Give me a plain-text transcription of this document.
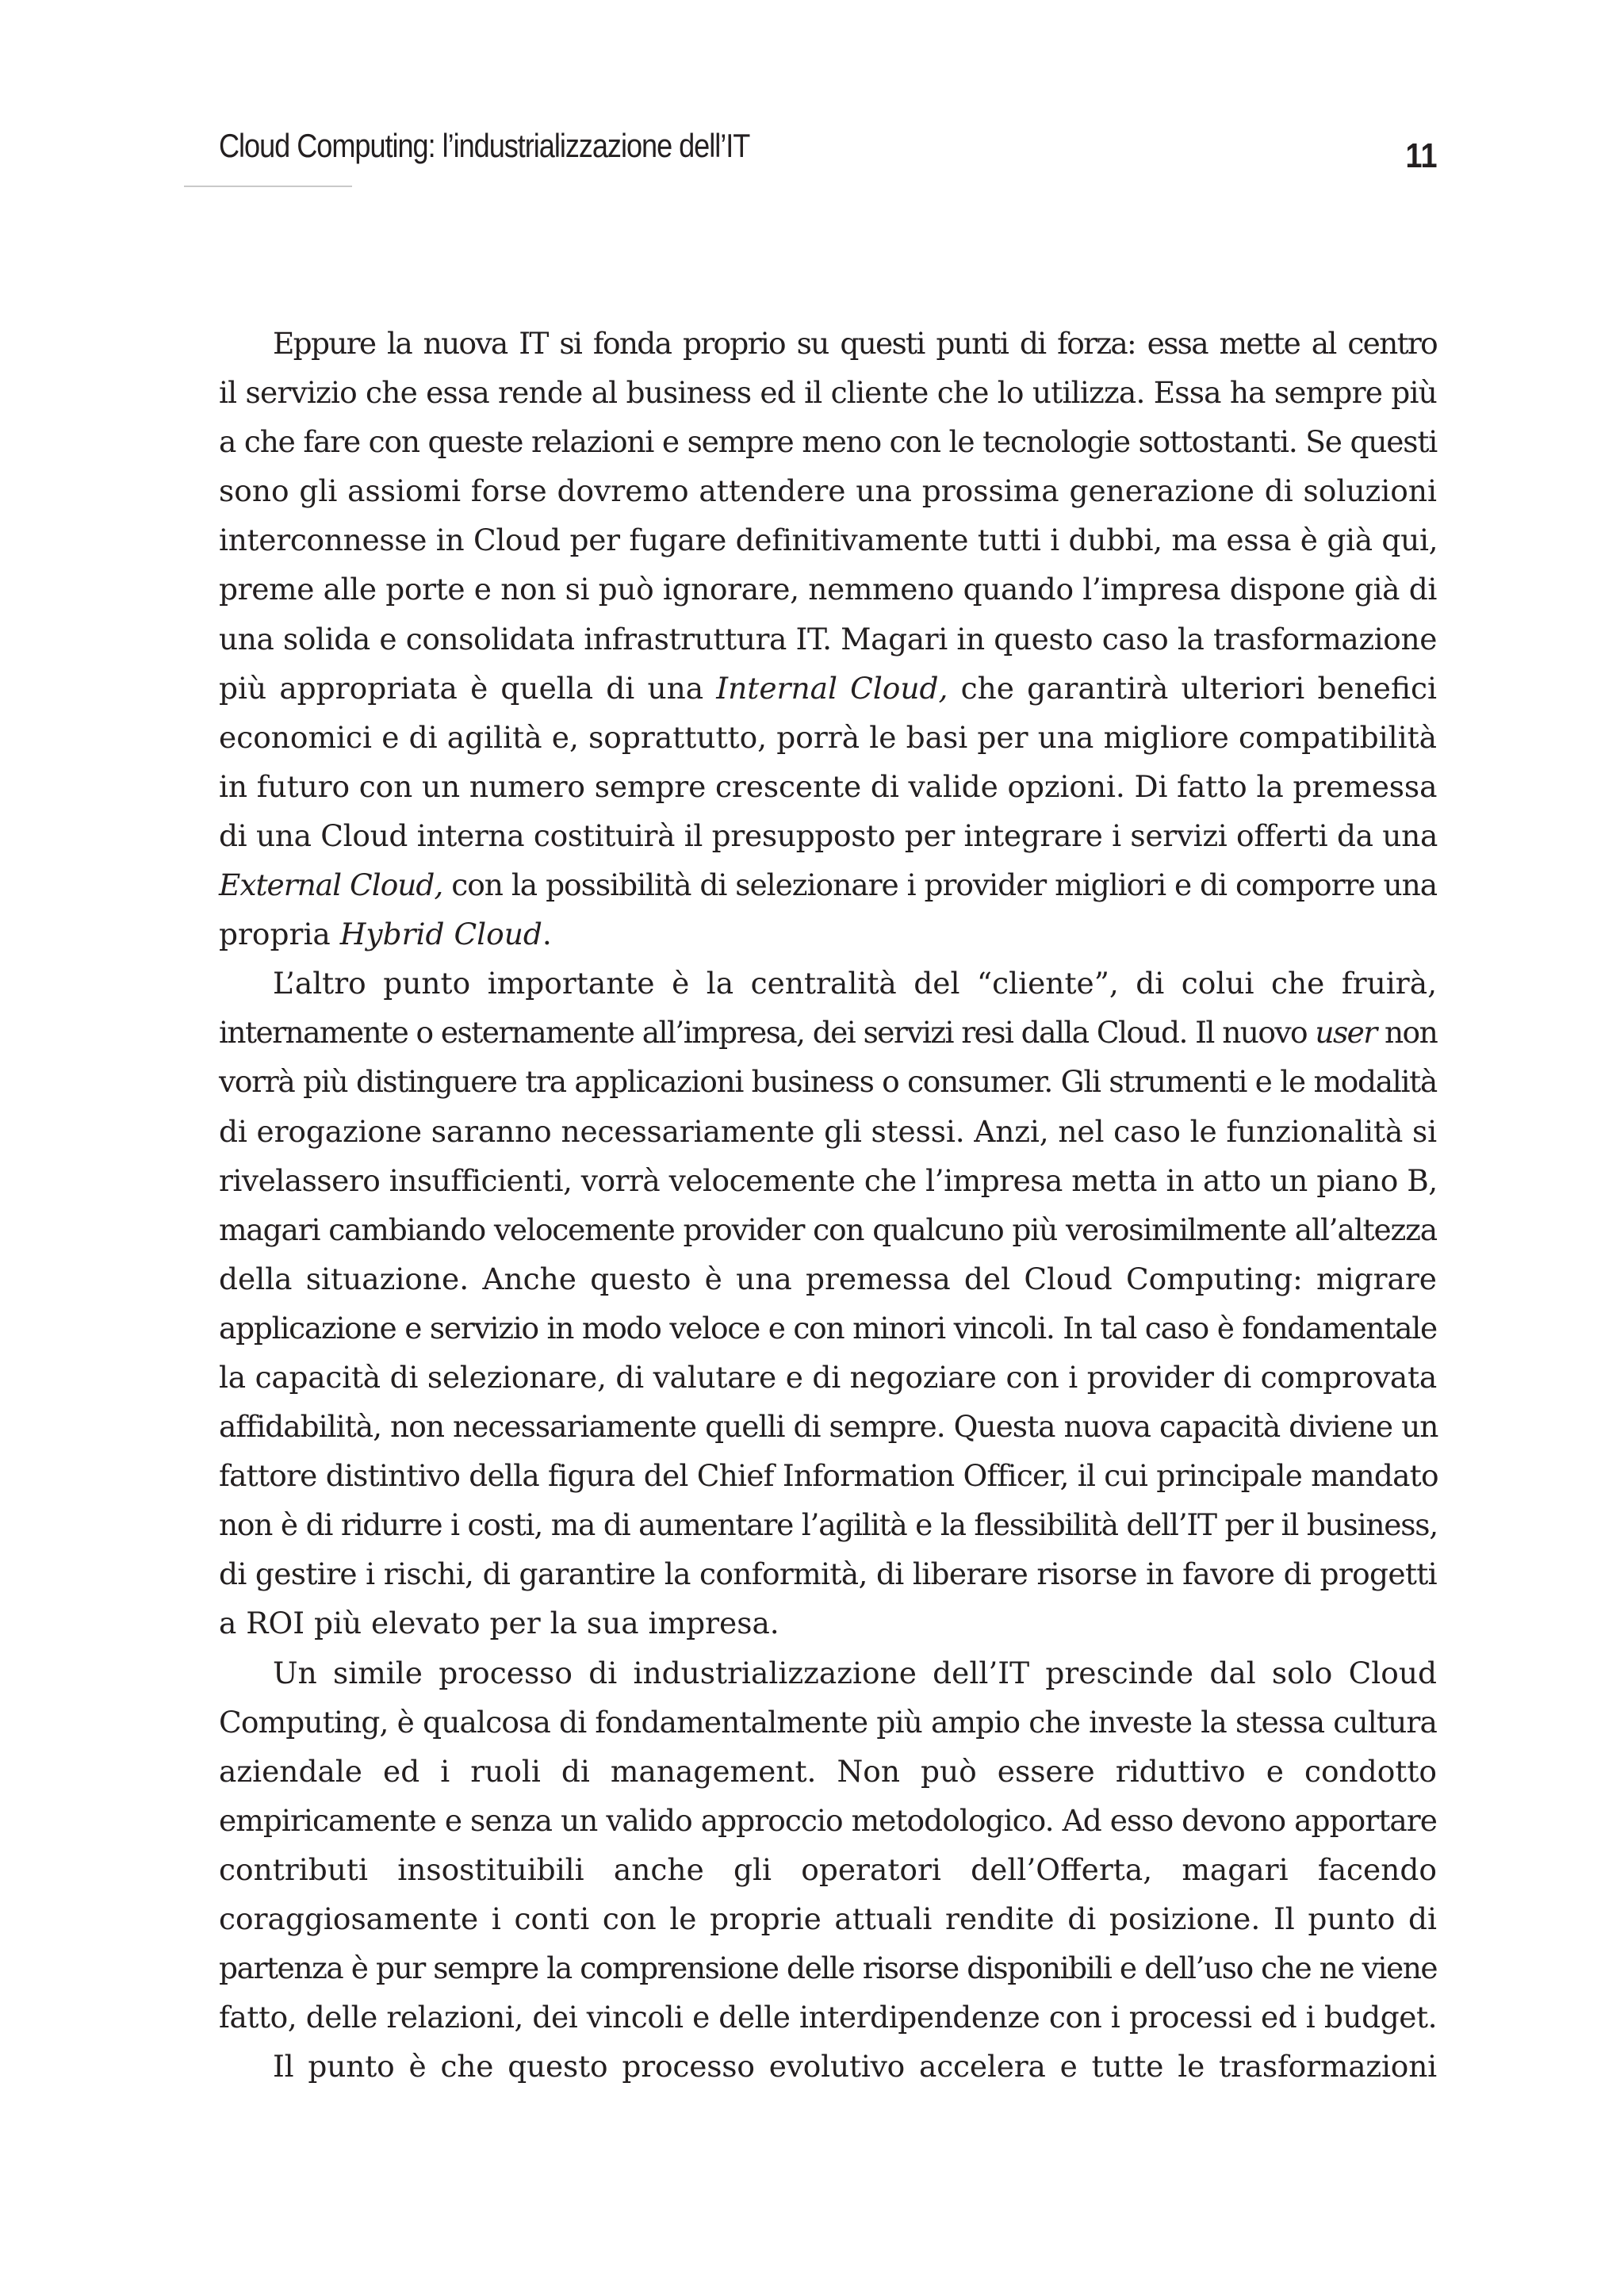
Cloud Computing: l’industrializzazione dell’IT	11
Eppure la nuova IT si fonda proprio su questi punti di forza: essa mette al centro
il servizio che essa rende al business ed il cliente che lo utilizza. Essa ha sempre più
a che fare con queste relazioni e sempre meno con le tecnologie sottostanti. Se questi
sono gli assiomi forse dovremo attendere una prossima generazione di soluzioni
interconnesse in Cloud per fugare definitivamente tutti i dubbi, ma essa è già qui,
preme alle porte e non si può ignorare, nemmeno quando l’impresa dispone già di
una solida e consolidata infrastruttura IT. Magari in questo caso la trasformazione
più appropriata è quella di una Internal Cloud, che garantirà ulteriori benefici
economici e di agilità e, soprattutto, porrà le basi per una migliore compatibilità
in futuro con un numero sempre crescente di valide opzioni. Di fatto la premessa
di una Cloud interna costituirà il presupposto per integrare i servizi offerti da una
External Cloud, con la possibilità di selezionare i provider migliori e di comporre una
propria Hybrid Cloud.
L’altro punto importante è la centralità del “cliente”, di colui che fruirà,
internamente o esternamente all’impresa, dei servizi resi dalla Cloud. Il nuovo user non
vorrà più distinguere tra applicazioni business o consumer. Gli strumenti e le modalità
di erogazione saranno necessariamente gli stessi. Anzi, nel caso le funzionalità si
rivelassero insufficienti, vorrà velocemente che l’impresa metta in atto un piano B,
magari cambiando velocemente provider con qualcuno più verosimilmente all’altezza
della situazione. Anche questo è una premessa del Cloud Computing: migrare
applicazione e servizio in modo veloce e con minori vincoli. In tal caso è fondamentale
la capacità di selezionare, di valutare e di negoziare con i provider di comprovata
affidabilità, non necessariamente quelli di sempre. Questa nuova capacità diviene un
fattore distintivo della figura del Chief Information Officer, il cui principale mandato
non è di ridurre i costi, ma di aumentare l’agilità e la flessibilità dell’IT per il business,
di gestire i rischi, di garantire la conformità, di liberare risorse in favore di progetti
a ROI più elevato per la sua impresa.
Un simile processo di industrializzazione dell’IT prescinde dal solo Cloud
Computing, è qualcosa di fondamentalmente più ampio che investe la stessa cultura
aziendale ed i ruoli di management. Non può essere riduttivo e condotto
empiricamente e senza un valido approccio metodologico. Ad esso devono apportare
contributi insostituibili anche gli operatori dell’Offerta, magari facendo
coraggiosamente i conti con le proprie attuali rendite di posizione. Il punto di
partenza è pur sempre la comprensione delle risorse disponibili e dell’uso che ne viene
fatto, delle relazioni, dei vincoli e delle interdipendenze con i processi ed i budget.
Il punto è che questo processo evolutivo accelera e tutte le trasformazioni
